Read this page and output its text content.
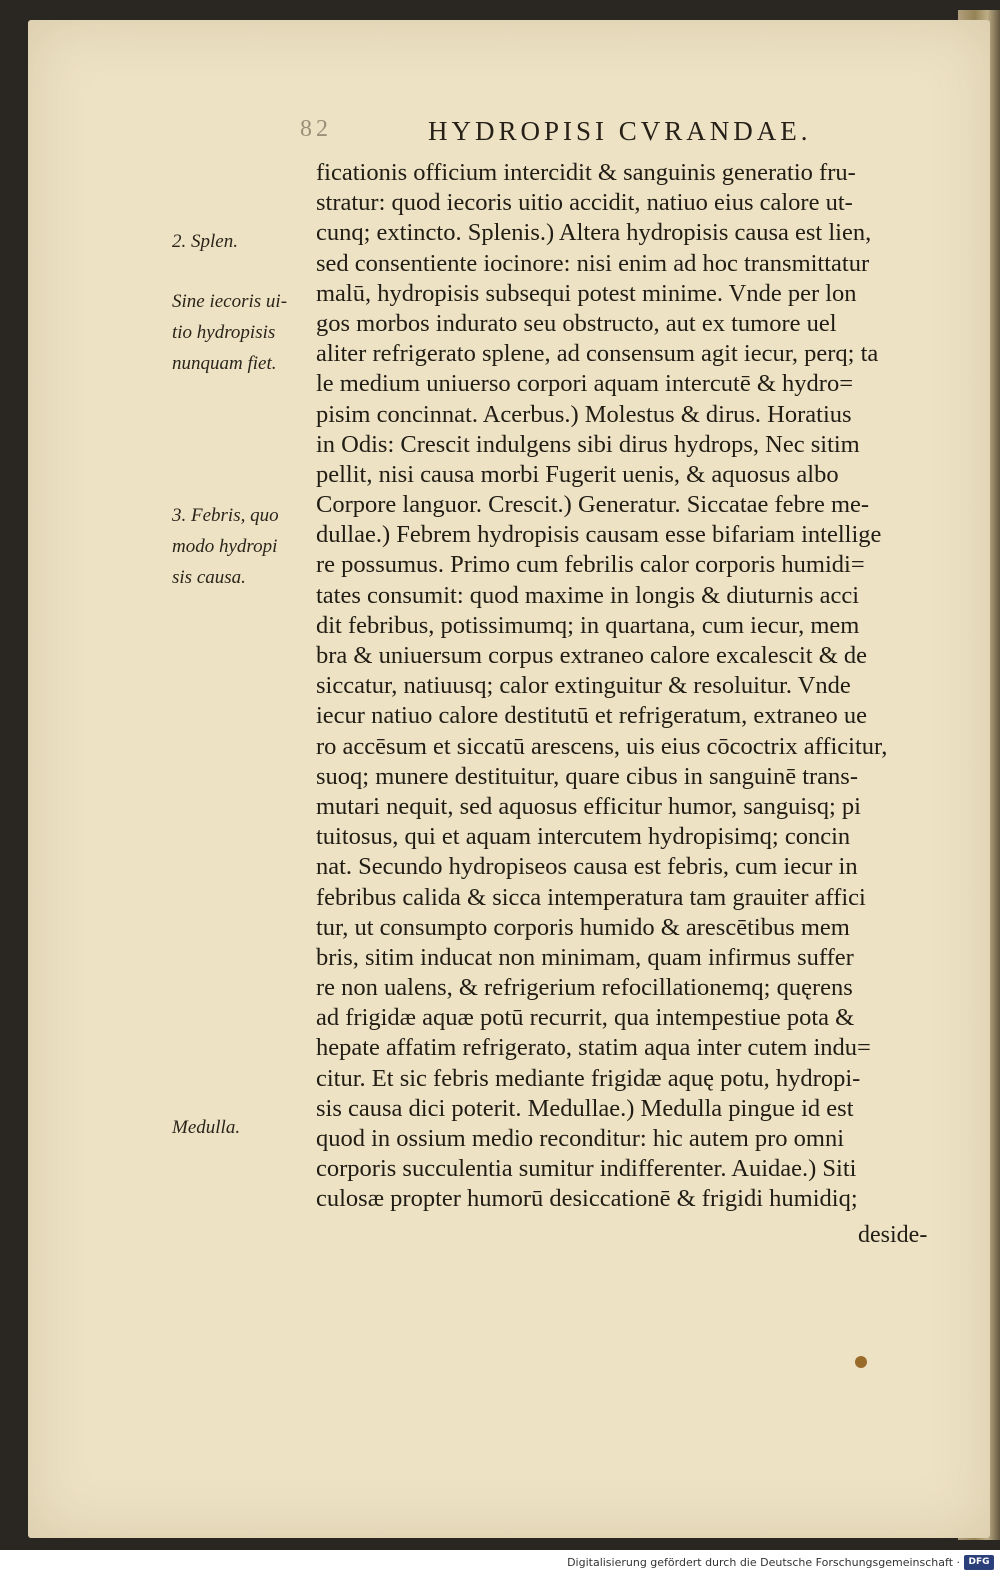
82	HYDROPISI CVRANDAE.
2. Splen.
Sine iecoris ui-
tio hydropisis
nunquam fiet.
3. Febris, quo
modo hydropi
sis causa.
Medulla.
ficationis officium intercidit & sanguinis generatio fru-
stratur: quod iecoris uitio accidit, natiuo eius calore ut-
cunq; extincto. Splenis.) Altera hydropisis causa est lien,
sed consentiente iocinore: nisi enim ad hoc transmittatur
malū, hydropisis subsequi potest minime. Vnde per lon
gos morbos indurato seu obstructo, aut ex tumore uel
aliter refrigerato splene, ad consensum agit iecur, perq; ta
le medium uniuerso corpori aquam intercutē & hydro=
pisim concinnat. Acerbus.) Molestus & dirus. Horatius
in Odis: Crescit indulgens sibi dirus hydrops, Nec sitim
pellit, nisi causa morbi Fugerit uenis, & aquosus albo
Corpore languor. Crescit.) Generatur. Siccatae febre me-
dullae.) Febrem hydropisis causam esse bifariam intellige
re possumus. Primo cum febrilis calor corporis humidi=
tates consumit: quod maxime in longis & diuturnis acci
dit febribus, potissimumq; in quartana, cum iecur, mem
bra & uniuersum corpus extraneo calore excalescit & de
siccatur, natiuusq; calor extinguitur & resoluitur. Vnde
iecur natiuo calore destitutū et refrigeratum, extraneo ue
ro accēsum et siccatū arescens, uis eius cōcoctrix afficitur,
suoq; munere destituitur, quare cibus in sanguinē trans-
mutari nequit, sed aquosus efficitur humor, sanguisq; pi
tuitosus, qui et aquam intercutem hydropisimq; concin
nat. Secundo hydropiseos causa est febris, cum iecur in
febribus calida & sicca intemperatura tam grauiter affici
tur, ut consumpto corporis humido & arescētibus mem
bris, sitim inducat non minimam, quam infirmus suffer
re non ualens, & refrigerium refocillationemq; quęrens
ad frigidæ aquæ potū recurrit, qua intempestiue pota &
hepate affatim refrigerato, statim aqua inter cutem indu=
citur. Et sic febris mediante frigidæ aquę potu, hydropi-
sis causa dici poterit. Medullae.) Medulla pingue id est
quod in ossium medio reconditur: hic autem pro omni
corporis succulentia sumitur indifferenter. Auidae.) Siti
culosæ propter humorū desiccationē & frigidi humidiq;
deside-
Digitalisierung gefördert durch die Deutsche Forschungsgemeinschaft · DFG
